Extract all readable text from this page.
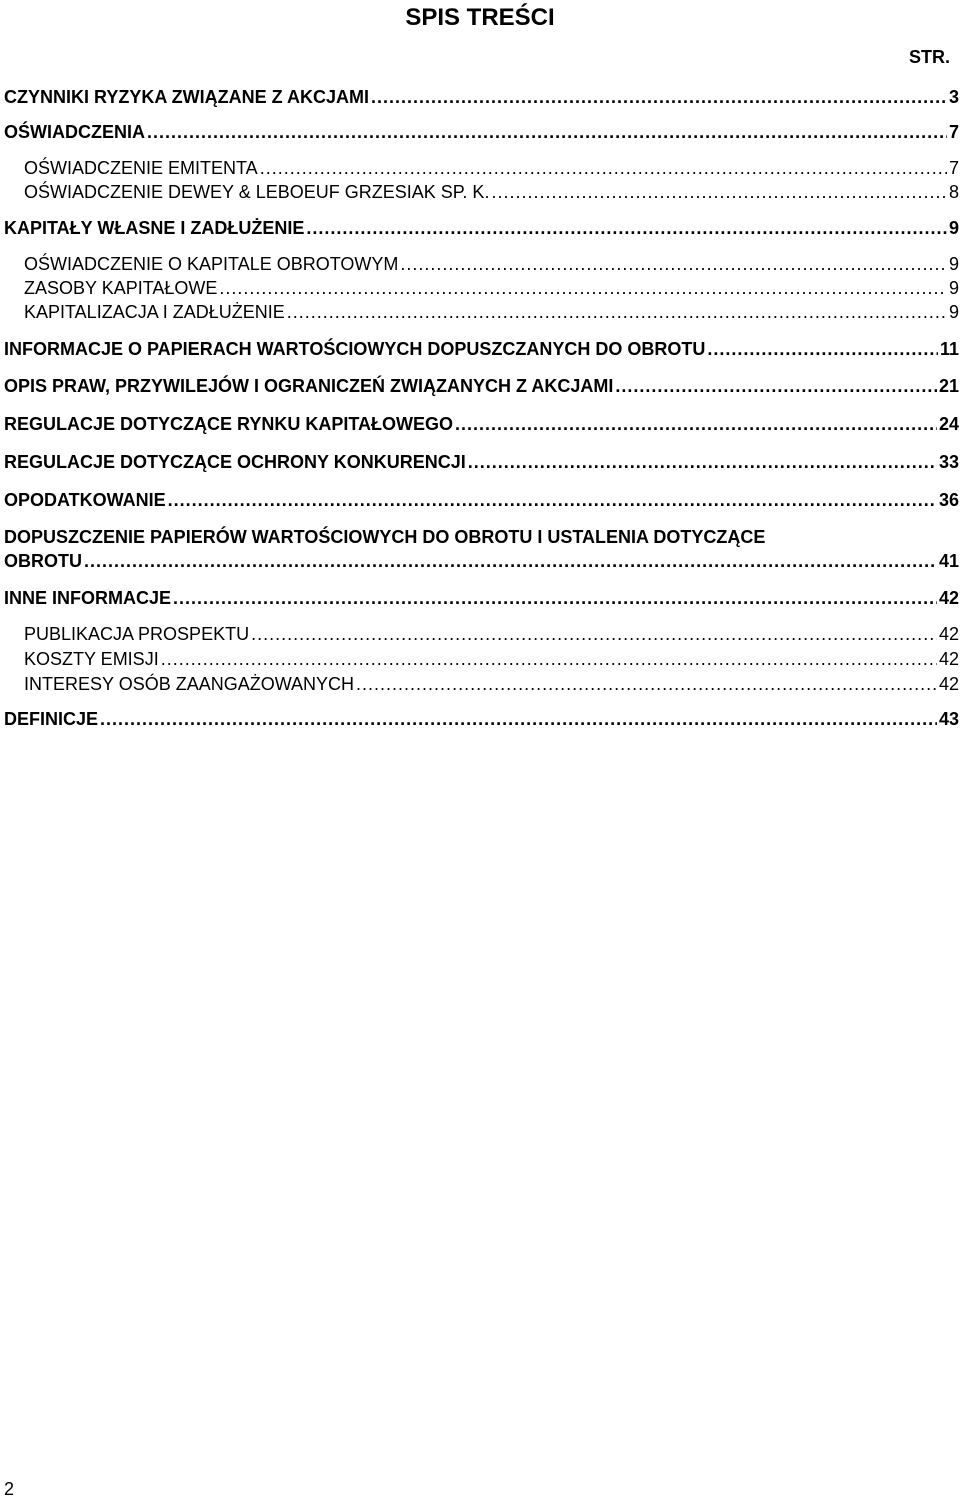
SPIS TREŚCI
STR.
CZYNNIKI RYZYKA ZWIĄZANE Z AKCJAMI .....	3
OŚWIADCZENIA .....	7
OŚWIADCZENIE EMITENTA .....	7
OŚWIADCZENIE DEWEY & LEBOEUF GRZESIAK SP. K. .....	8
KAPITAŁY WŁASNE I ZADŁUŻENIE .....	9
OŚWIADCZENIE O KAPITALE OBROTOWYM .....	9
ZASOBY KAPITAŁOWE .....	9
KAPITALIZACJA I ZADŁUŻENIE .....	9
INFORMACJE O PAPIERACH WARTOŚCIOWYCH DOPUSZCZANYCH DO OBROTU .....	11
OPIS PRAW, PRZYWILEJÓW I OGRANICZEŃ ZWIĄZANYCH Z AKCJAMI .....	21
REGULACJE DOTYCZĄCE RYNKU KAPITAŁOWEGO .....	24
REGULACJE DOTYCZĄCE OCHRONY KONKURENCJI .....	33
OPODATKOWANIE .....	36
DOPUSZCZENIE PAPIERÓW WARTOŚCIOWYCH DO OBROTU I USTALENIA DOTYCZĄCE
OBROTU .....	41
INNE INFORMACJE .....	42
PUBLIKACJA PROSPEKTU .....	42
KOSZTY EMISJI .....	42
INTERESY OSÓB ZAANGAŻOWANYCH .....	42
DEFINICJE .....	43
2
